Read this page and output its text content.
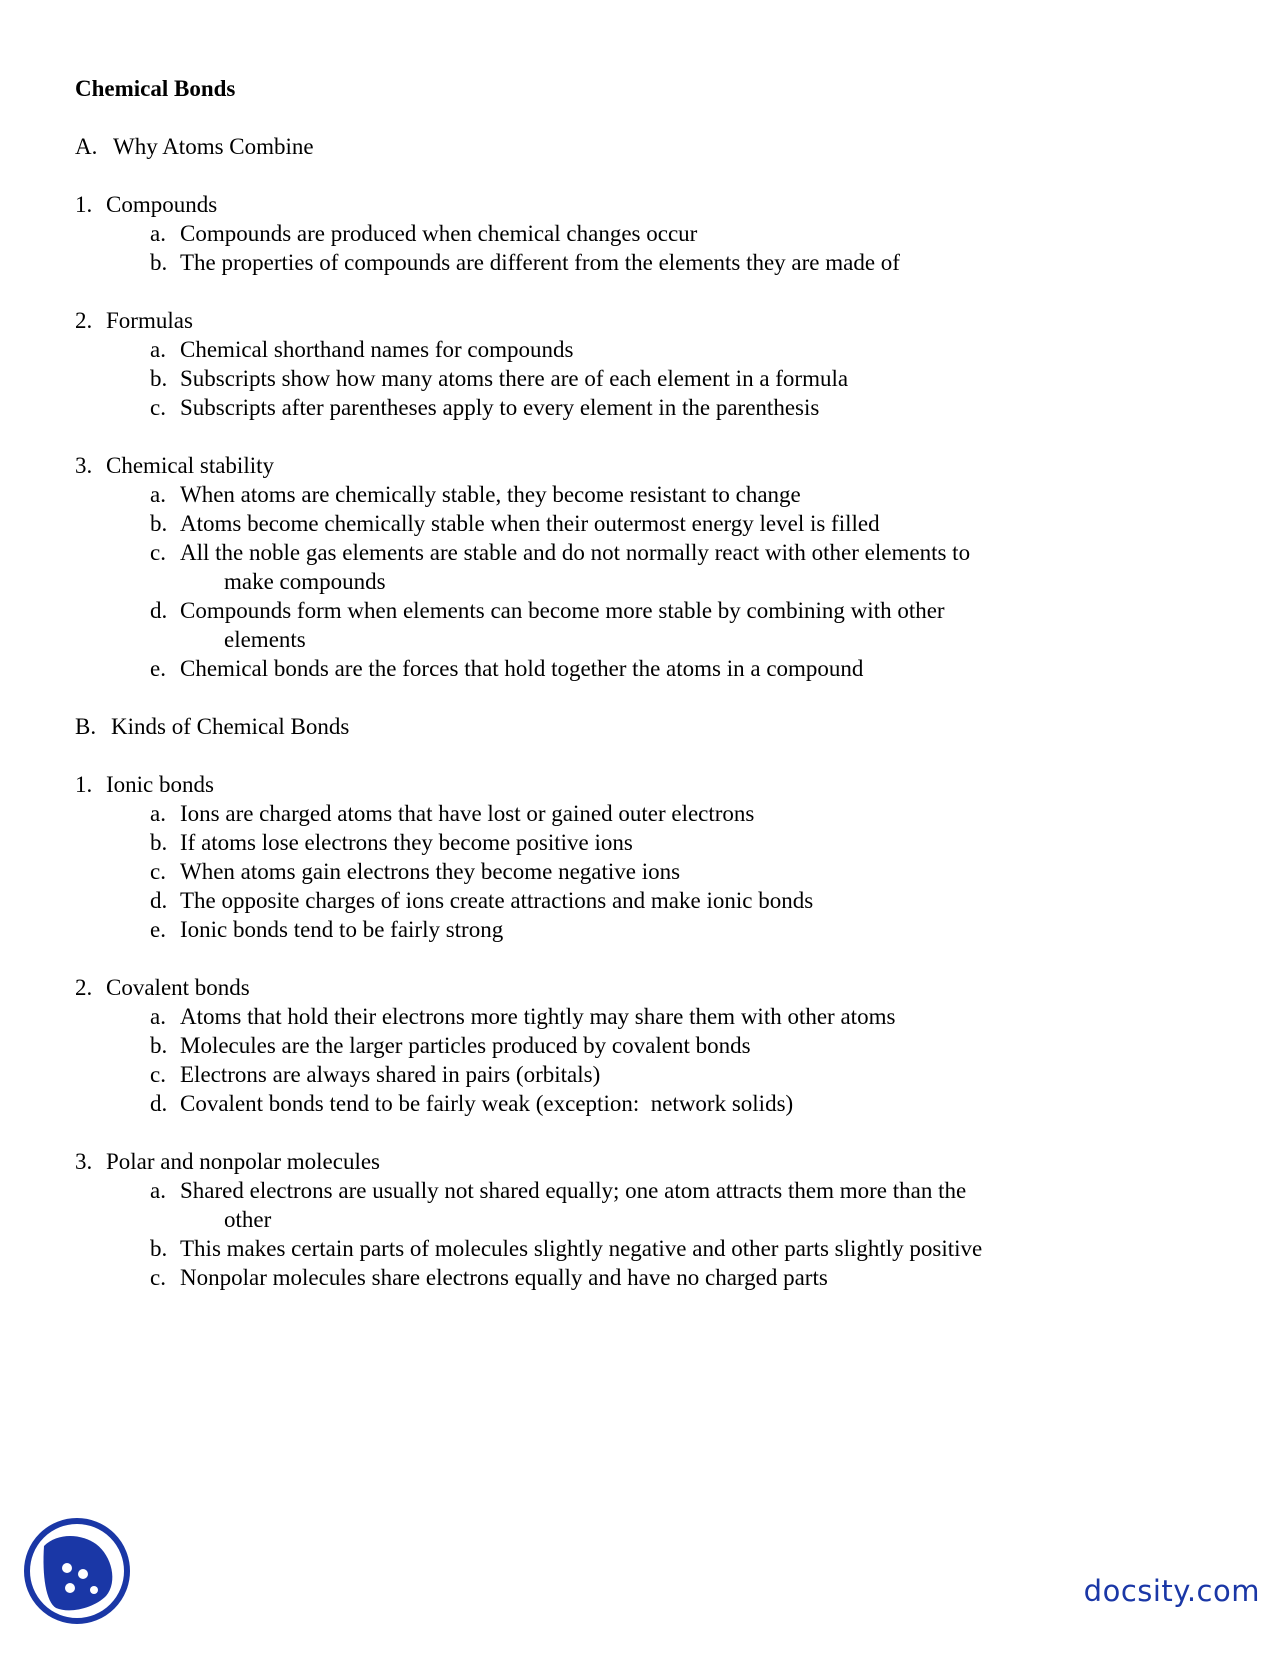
Chemical Bonds
A. Why Atoms Combine
1. Compounds
a. Compounds are produced when chemical changes occur
b. The properties of compounds are different from the elements they are made of
2. Formulas
a. Chemical shorthand names for compounds
b. Subscripts show how many atoms there are of each element in a formula
c. Subscripts after parentheses apply to every element in the parenthesis
3. Chemical stability
a. When atoms are chemically stable, they become resistant to change
b. Atoms become chemically stable when their outermost energy level is filled
c. All the noble gas elements are stable and do not normally react with other elements to make compounds
d. Compounds form when elements can become more stable by combining with other elements
e. Chemical bonds are the forces that hold together the atoms in a compound
B. Kinds of Chemical Bonds
1. Ionic bonds
a. Ions are charged atoms that have lost or gained outer electrons
b. If atoms lose electrons they become positive ions
c. When atoms gain electrons they become negative ions
d. The opposite charges of ions create attractions and make ionic bonds
e. Ionic bonds tend to be fairly strong
2. Covalent bonds
a. Atoms that hold their electrons more tightly may share them with other atoms
b. Molecules are the larger particles produced by covalent bonds
c. Electrons are always shared in pairs (orbitals)
d. Covalent bonds tend to be fairly weak (exception:  network solids)
3. Polar and nonpolar molecules
a. Shared electrons are usually not shared equally; one atom attracts them more than the other
b. This makes certain parts of molecules slightly negative and other parts slightly positive
c. Nonpolar molecules share electrons equally and have no charged parts
docsity.com
